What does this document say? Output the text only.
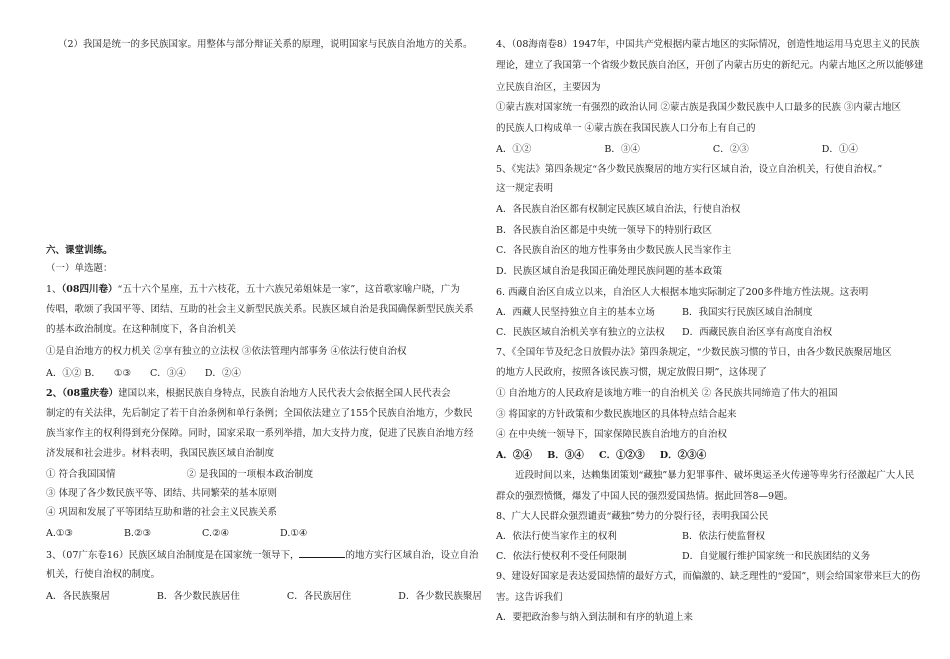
（2）我国是统一的多民族国家。用整体与部分辩证关系的原理，说明国家与民族自治地方的关系。
六、课堂训练。
（一）单选题：
1、（08四川卷）“五十六个星座，五十六枝花，五十六族兄弟姐妹是一家”，这首歌家喻户晓，广为
传唱，歌颂了我国平等、团结、互助的社会主义新型民族关系。民族区域自治是我国确保新型民族关系
的基本政治制度。在这种制度下，各自治机关
①是自治地方的权力机关 ②享有独立的立法权 ③依法管理内部事务 ④依法行使自治权
A．①② B． ①③ C．③④ D．②④
2、（08重庆卷）建国以来，根据民族自身特点，民族自治地方人民代表大会依据全国人民代表会
制定的有关法律，先后制定了若干自治条例和单行条例；全国依法建立了155个民族自治地方，少数民
族当家作主的权利得到充分保障。同时，国家采取一系列举措，加大支持力度，促进了民族自治地方经
济发展和社会进步。材料表明，我国民族区域自治制度
① 符合我国国情	② 是我国的一项根本政治制度
③ 体现了各少数民族平等、团结、共同繁荣的基本原则
④ 巩固和发展了平等团结互助和谐的社会主义民族关系
A.①③	B.②③	C.②④	D.①④
3、（07广东卷16）民族区域自治制度是在国家统一领导下，	的地方实行区域自治，设立自治
机关，行使自治权的制度。
A．各民族聚居	B．各少数民族居住	C．各民族居住	D．各少数民族聚居
4、（08海南卷8）1947年，中国共产党根据内蒙古地区的实际情况，创造性地运用马克思主义的民族
理论，建立了我国第一个省级少数民族自治区，开创了内蒙古历史的新纪元。内蒙古地区之所以能够建
立民族自治区，主要因为
①蒙古族对国家统一有强烈的政治认同 ②蒙古族是我国少数民族中人口最多的民族 ③内蒙古地区
的民族人口构成单一 ④蒙古族在我国民族人口分布上有自己的
A．①②	B．③④	C．②③	D．①④
5、《宪法》第四条规定“各少数民族聚居的地方实行区域自治，设立自治机关，行使自治权。”
这一规定表明
A．各民族自治区都有权制定民族区域自治法，行使自治权
B．各民族自治区都是中央统一领导下的特别行政区
C．各民族自治区的地方性事务由少数民族人民当家作主
D．民族区域自治是我国正确处理民族问题的基本政策
6. 西藏自治区自成立以来，自治区人大根据本地实际制定了200多件地方性法规。这表明
A．西藏人民坚持独立自主的基本立场	B．我国实行民族区域自治制度
C．民族区域自治机关享有独立的立法权 D．西藏民族自治区享有高度自治权
7、《全国年节及纪念日放假办法》第四条规定，“少数民族习惯的节日，由各少数民族聚居地区
的地方人民政府，按照各该民族习惯，规定放假日期”，这体现了
① 自治地方的人民政府是该地方唯一的自治机关 ② 各民族共同缔造了伟大的祖国
③ 将国家的方针政策和少数民族地区的具体特点结合起来
④ 在中央统一领导下，国家保障民族自治地方的自治权
A．②④ B．③④ C．①②③ D．②③④
近段时间以来，达赖集团策划“藏独”暴力犯罪事件、破坏奥运圣火传递等卑劣行径激起广大人民
群众的强烈愤慨，爆发了中国人民的强烈爱国热情。据此回答8—9题。
8、广大人民群众强烈谴责“藏独”势力的分裂行径，表明我国公民
A．依法行使当家作主的权利	B．依法行使监督权
C．依法行使权利不受任何限制	D．自觉履行维护国家统一和民族团结的义务
9、建设好国家是表达爱国热情的最好方式，而偏激的、缺乏理性的“爱国”，则会给国家带来巨大的伤
害。这告诉我们
A．要把政治参与纳入到法制和有序的轨道上来
